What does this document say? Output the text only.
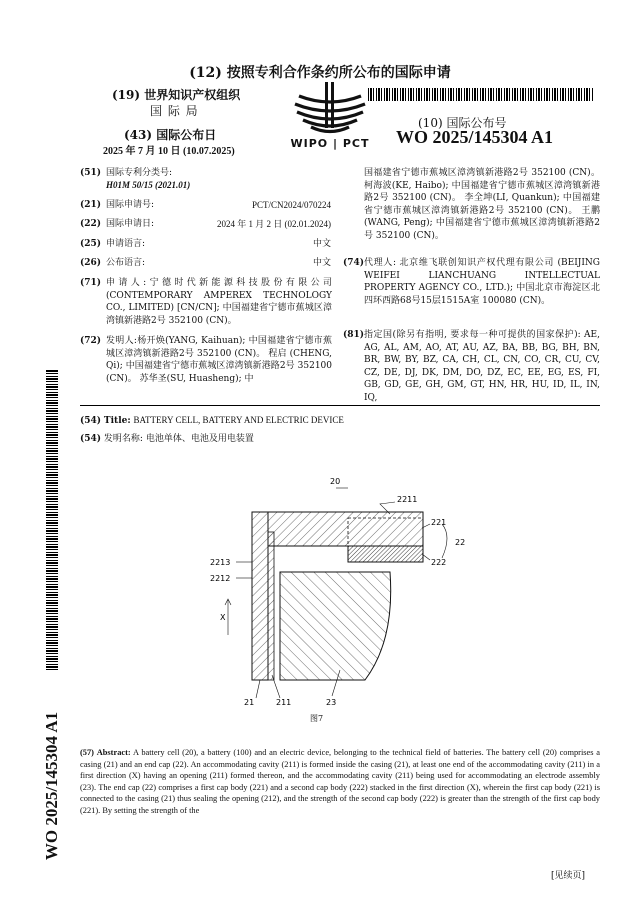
(12) 按照专利合作条约所公布的国际申请
(19) 世界知识产权组织
国 际 局
(43) 国际公布日
2025 年 7 月 10 日 (10.07.2025)
WIPO | PCT
(10) 国际公布号
WO 2025/145304 A1
(51) 国际专利分类号:
H01M 50/15 (2021.01)
(21) 国际申请号:	PCT/CN2024/070224
(22) 国际申请日:	2024 年 1 月 2 日 (02.01.2024)
(25) 申请语言:	中文
(26) 公布语言:	中文
(71) 申请人:宁德时代新能源科技股份有限公司 (CONTEMPORARY AMPEREX TECHNOLOGY CO., LIMITED) [CN/CN]; 中国福建省宁德市蕉城区漳湾镇新港路2号 352100 (CN)。
(72) 发明人:杨开焕(YANG, Kaihuan); 中国福建省宁德市蕉城区漳湾镇新港路2号 352100 (CN)。 程启 (CHENG, Qi); 中国福建省宁德市蕉城区漳湾镇新港路2号 352100 (CN)。 苏华圣(SU, Huasheng); 中
国福建省宁德市蕉城区漳湾镇新港路2号 352100 (CN)。 柯海波(KE, Haibo); 中国福建省宁德市蕉城区漳湾镇新港路2号 352100 (CN)。 李全坤(LI, Quankun); 中国福建省宁德市蕉城区漳湾镇新港路2号 352100 (CN)。 王鹏(WANG, Peng); 中国福建省宁德市蕉城区漳湾镇新港路2号 352100 (CN)。
(74) 代理人: 北京维飞联创知识产权代理有限公司 (BEIJING WEIFEI LIANCHUANG INTELLECTUAL PROPERTY AGENCY CO., LTD.); 中国北京市海淀区北四环西路68号15层1515A室 100080 (CN)。
(81) 指定国(除另有指明, 要求每一种可提供的国家保护): AE, AG, AL, AM, AO, AT, AU, AZ, BA, BB, BG, BH, BN, BR, BW, BY, BZ, CA, CH, CL, CN, CO, CR, CU, CV, CZ, DE, DJ, DK, DM, DO, DZ, EC, EE, EG, ES, FI, GB, GD, GE, GH, GM, GT, HN, HR, HU, ID, IL, IN, IQ,
(54) Title: BATTERY CELL, BATTERY AND ELECTRIC DEVICE
(54) 发明名称: 电池单体、电池及用电装置
20
2211
221
22
222
2213
2212
X
21	211	23
图7
(57) Abstract: A battery cell (20), a battery (100) and an electric device, belonging to the technical field of batteries. The battery cell (20) comprises a casing (21) and an end cap (22). An accommodating cavity (211) is formed inside the casing (21), at least one end of the accommodating cavity (211) in a first direction (X) having an opening (211) formed thereon, and the accommodating cavity (211) being used for accommodating an electrode assembly (23). The end cap (22) comprises a first cap body (221) and a second cap body (222) stacked in the first direction (X), wherein the first cap body (221) is connected to the casing (21) thus sealing the opening (212), and the strength of the second cap body (222) is greater than the strength of the first cap body (221). By setting the strength of the
WO 2025/145304 A1
[见续页]
